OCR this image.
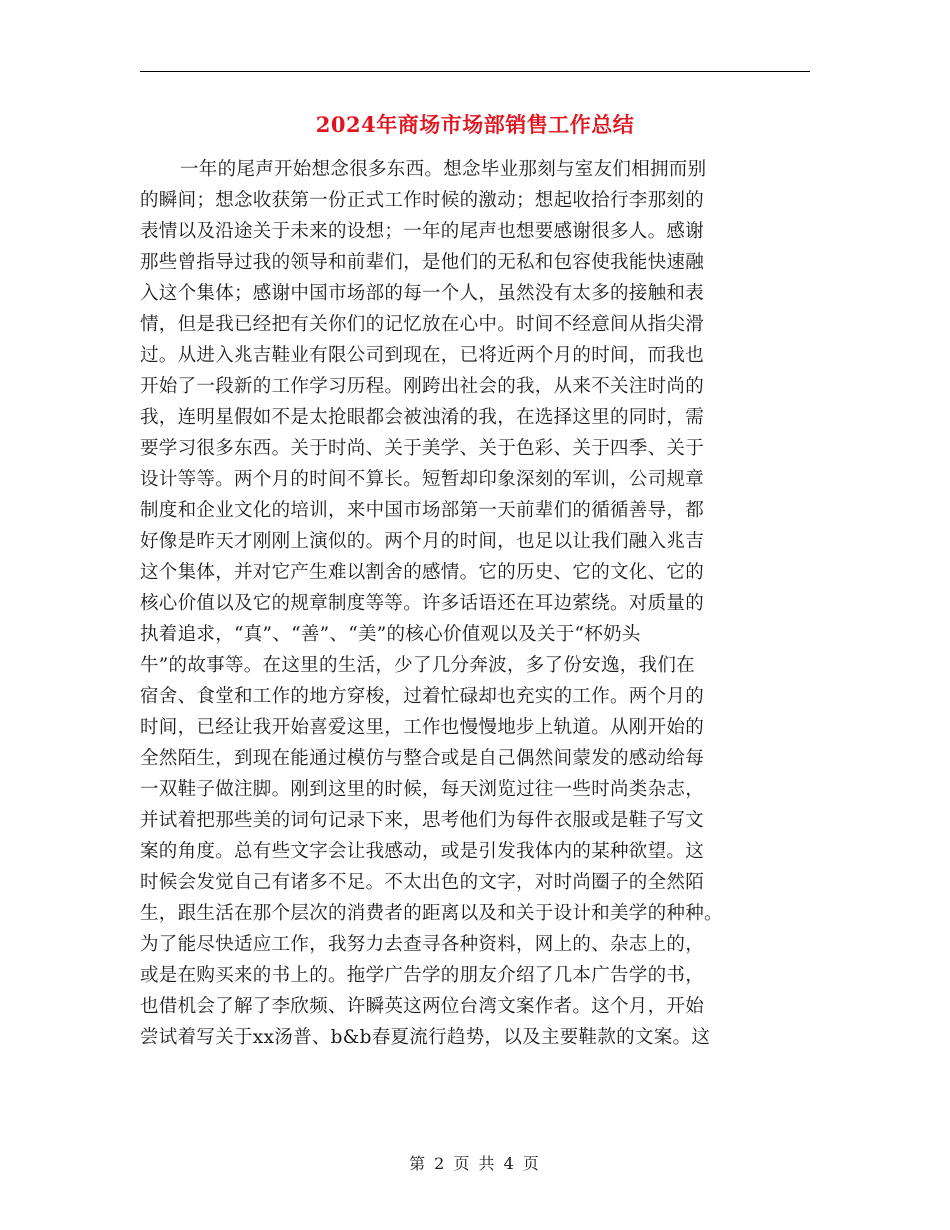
2024年商场市场部销售工作总结
一年的尾声开始想念很多东西。想念毕业那刻与室友们相拥而别
的瞬间；想念收获第一份正式工作时候的激动；想起收拾行李那刻的
表情以及沿途关于未来的设想；一年的尾声也想要感谢很多人。感谢
那些曾指导过我的领导和前辈们，是他们的无私和包容使我能快速融
入这个集体；感谢中国市场部的每一个人，虽然没有太多的接触和表
情，但是我已经把有关你们的记忆放在心中。时间不经意间从指尖滑
过。从进入兆吉鞋业有限公司到现在，已将近两个月的时间，而我也
开始了一段新的工作学习历程。刚跨出社会的我，从来不关注时尚的
我，连明星假如不是太抢眼都会被浊淆的我，在选择这里的同时，需
要学习很多东西。关于时尚、关于美学、关于色彩、关于四季、关于
设计等等。两个月的时间不算长。短暂却印象深刻的军训，公司规章
制度和企业文化的培训，来中国市场部第一天前辈们的循循善导，都
好像是昨天才刚刚上演似的。两个月的时间，也足以让我们融入兆吉
这个集体，并对它产生难以割舍的感情。它的历史、它的文化、它的
核心价值以及它的规章制度等等。许多话语还在耳边萦绕。对质量的
执着追求，“真”、“善”、“美”的核心价值观以及关于“杯奶头
牛”的故事等。在这里的生活，少了几分奔波，多了份安逸，我们在
宿舍、食堂和工作的地方穿梭，过着忙碌却也充实的工作。两个月的
时间，已经让我开始喜爱这里，工作也慢慢地步上轨道。从刚开始的
全然陌生，到现在能通过模仿与整合或是自己偶然间蒙发的感动给每
一双鞋子做注脚。刚到这里的时候，每天浏览过往一些时尚类杂志，
并试着把那些美的词句记录下来，思考他们为每件衣服或是鞋子写文
案的角度。总有些文字会让我感动，或是引发我体内的某种欲望。这
时候会发觉自己有诸多不足。不太出色的文字，对时尚圈子的全然陌
生，跟生活在那个层次的消费者的距离以及和关于设计和美学的种种。
为了能尽快适应工作，我努力去查寻各种资料，网上的、杂志上的，
或是在购买来的书上的。拖学广告学的朋友介绍了几本广告学的书，
也借机会了解了李欣频、许瞬英这两位台湾文案作者。这个月，开始
尝试着写关于xx汤普、b&b春夏流行趋势，以及主要鞋款的文案。这
第 2 页 共 4 页
